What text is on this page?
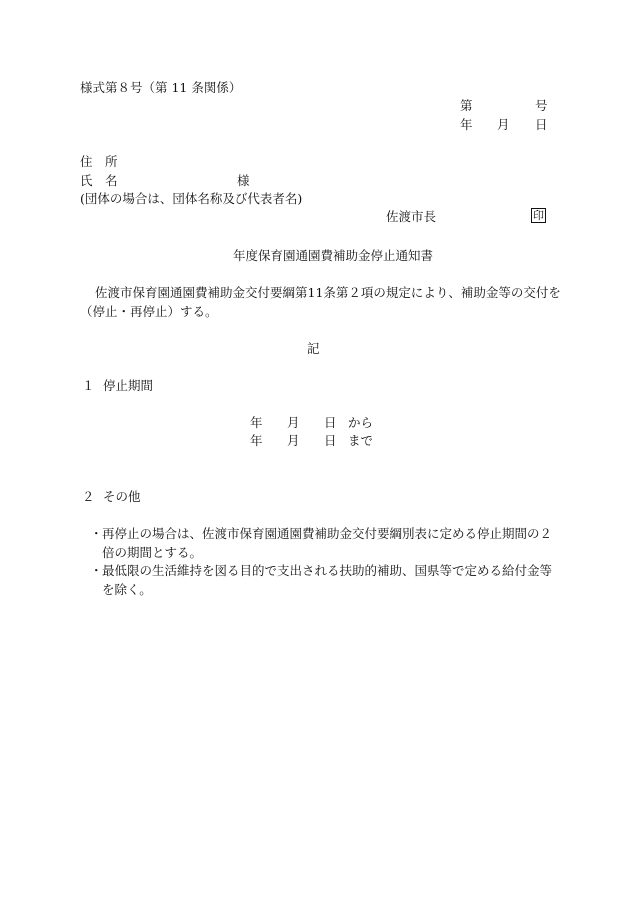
様式第８号（第 11 条関係）
第	号
年 月 日
住　所
氏　名	様
(団体の場合は、団体名称及び代表者名)
佐渡市長	印
年度保育園通園費補助金停止通知書
佐渡市保育園通園費補助金交付要綱第11条第２項の規定により、補助金等の交付を
（停止・再停止）する。
記
１ 停止期間
年 月 日 から
年 月 日 まで
２ その他
・ 再停止の場合は、佐渡市保育園通園費補助金交付要綱別表に定める停止期間の２
倍の期間とする。
・ 最低限の生活維持を図る目的で支出される扶助的補助、国県等で定める給付金等
を除く。
